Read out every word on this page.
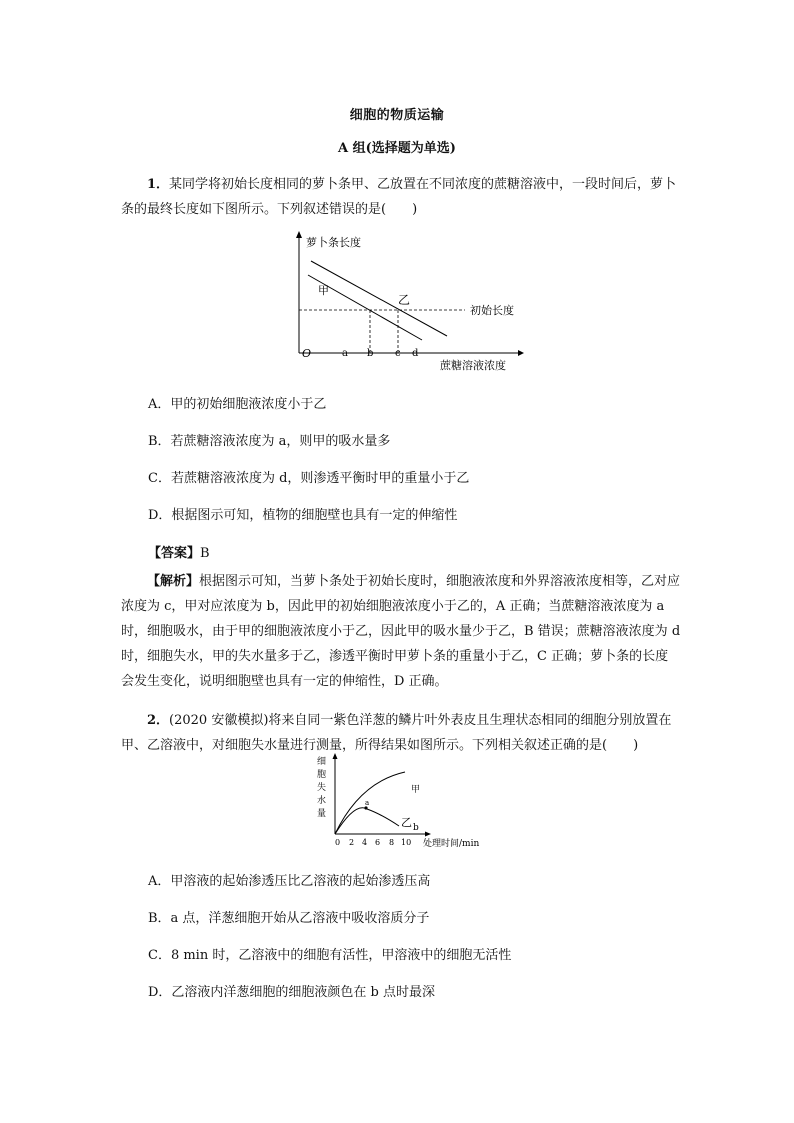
细胞的物质运输
A 组(选择题为单选)
1．某同学将初始长度相同的萝卜条甲、乙放置在不同浓度的蔗糖溶液中，一段时间后，萝卜条的最终长度如下图所示。下列叙述错误的是(　　)
萝卜条长度
蔗糖溶液浓度
O
初始长度
甲
乙
a b c d
A．甲的初始细胞液浓度小于乙
B．若蔗糖溶液浓度为 a，则甲的吸水量多
C．若蔗糖溶液浓度为 d，则渗透平衡时甲的重量小于乙
D．根据图示可知，植物的细胞壁也具有一定的伸缩性
【答案】B
【解析】根据图示可知，当萝卜条处于初始长度时，细胞液浓度和外界溶液浓度相等，乙对应浓度为 c，甲对应浓度为 b，因此甲的初始细胞液浓度小于乙的，A 正确；当蔗糖溶液浓度为 a 时，细胞吸水，由于甲的细胞液浓度小于乙，因此甲的吸水量少于乙，B 错误；蔗糖溶液浓度为 d 时，细胞失水，甲的失水量多于乙，渗透平衡时甲萝卜条的重量小于乙，C 正确；萝卜条的长度会发生变化，说明细胞壁也具有一定的伸缩性，D 正确。
2．(2020 安徽模拟)将来自同一紫色洋葱的鳞片叶外表皮且生理状态相同的细胞分别放置在甲、乙溶液中，对细胞失水量进行测量，所得结果如图所示。下列相关叙述正确的是(　　)
细
胞
失
水
量
处理时间/min
0 2 4 6 8 10
甲
乙
a
b
A．甲溶液的起始渗透压比乙溶液的起始渗透压高
B．a 点，洋葱细胞开始从乙溶液中吸收溶质分子
C．8 min 时，乙溶液中的细胞有活性，甲溶液中的细胞无活性
D．乙溶液内洋葱细胞的细胞液颜色在 b 点时最深
